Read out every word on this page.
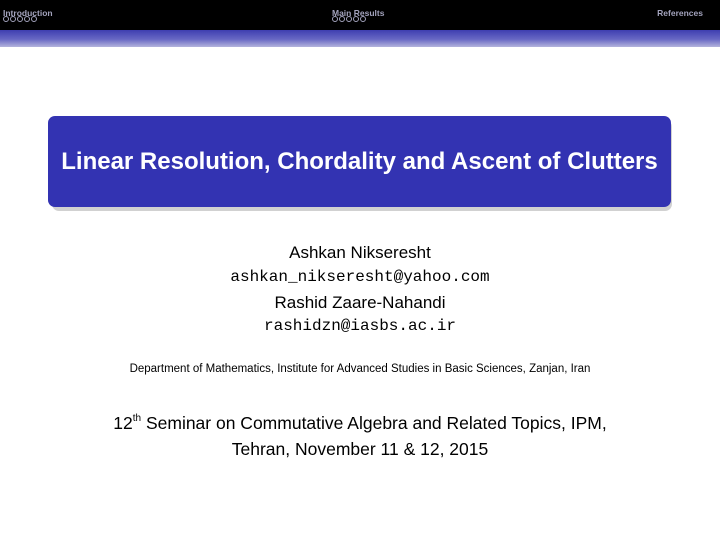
Introduction	Main Results	References
Linear Resolution, Chordality and Ascent of Clutters
Ashkan Nikseresht
ashkan_nikseresht@yahoo.com
Rashid Zaare-Nahandi
rashidzn@iasbs.ac.ir
Department of Mathematics, Institute for Advanced Studies in Basic Sciences, Zanjan, Iran
12th Seminar on Commutative Algebra and Related Topics, IPM,
Tehran, November 11 & 12, 2015
